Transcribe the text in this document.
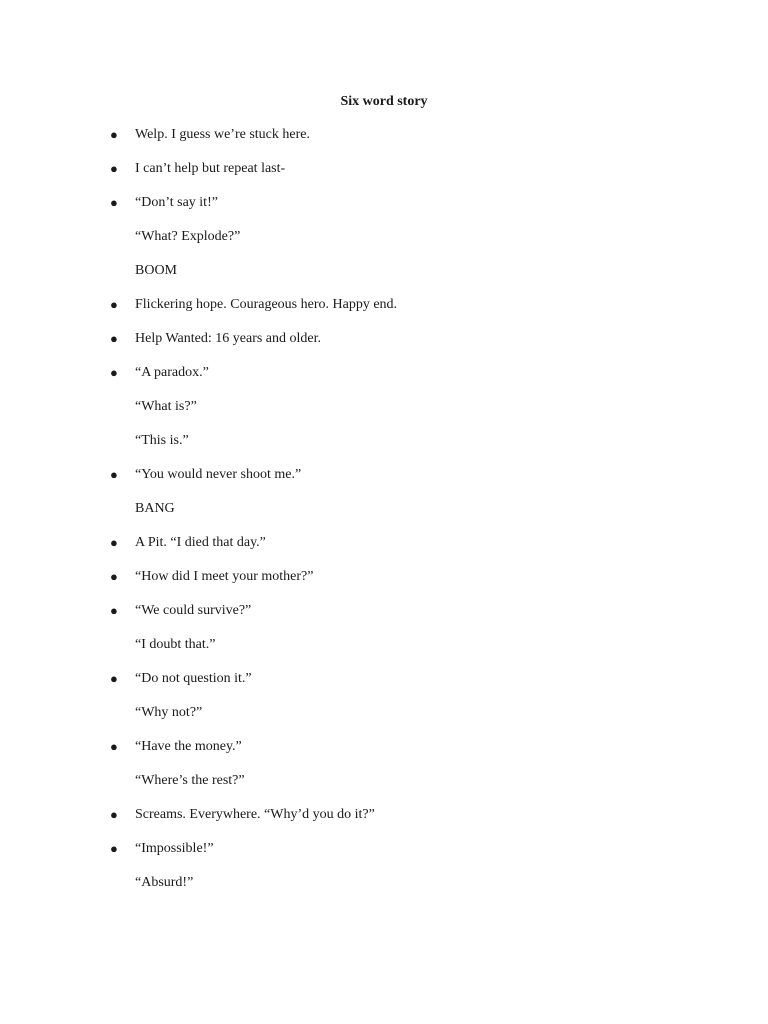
Six word story
● Welp. I guess we’re stuck here.
● I can’t help but repeat last-
● “Don’t say it!”
“What? Explode?”
BOOM
● Flickering hope. Courageous hero. Happy end.
● Help Wanted: 16 years and older.
● “A paradox.”
“What is?”
“This is.”
● “You would never shoot me.”
BANG
● A Pit. “I died that day.”
● “How did I meet your mother?”
● “We could survive?”
“I doubt that.”
● “Do not question it.”
“Why not?”
● “Have the money.”
“Where’s the rest?”
● Screams. Everywhere. “Why’d you do it?”
● “Impossible!”
“Absurd!”
